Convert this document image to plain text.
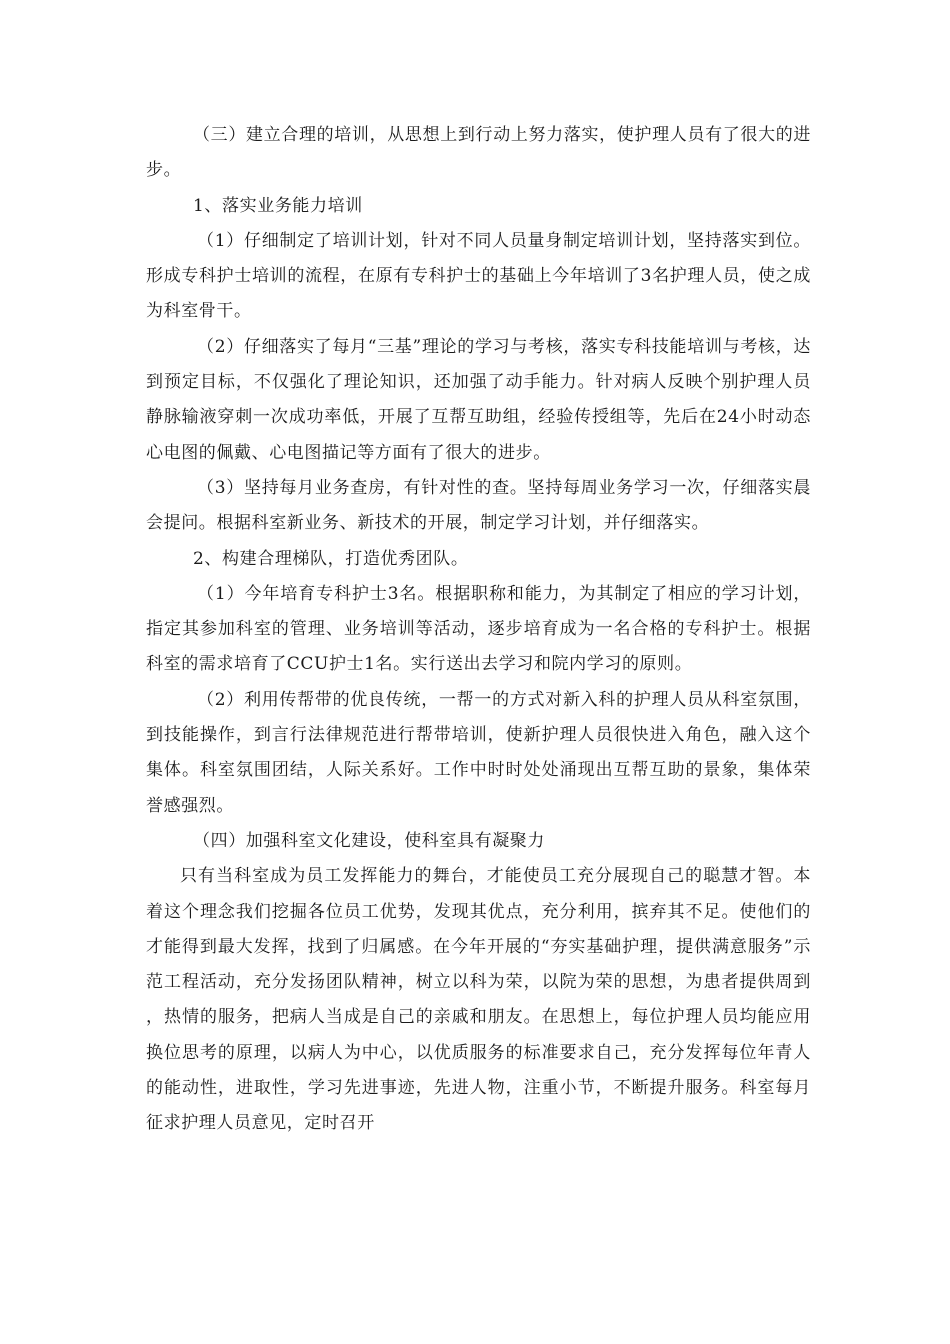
（三）建立合理的培训，从思想上到行动上努力落实，使护理人员有了很大的进步。

1、落实业务能力培训

（1）仔细制定了培训计划，针对不同人员量身制定培训计划，坚持落实到位。形成专科护士培训的流程，在原有专科护士的基础上今年培训了3名护理人员，使之成为科室骨干。

（2）仔细落实了每月“三基”理论的学习与考核，落实专科技能培训与考核，达到预定目标，不仅强化了理论知识，还加强了动手能力。针对病人反映个别护理人员静脉输液穿刺一次成功率低，开展了互帮互助组，经验传授组等，先后在24小时动态心电图的佩戴、心电图描记等方面有了很大的进步。

（3）坚持每月业务查房，有针对性的查。坚持每周业务学习一次，仔细落实晨会提问。根据科室新业务、新技术的开展，制定学习计划，并仔细落实。

2、构建合理梯队，打造优秀团队。

（1）今年培育专科护士3名。根据职称和能力，为其制定了相应的学习计划，指定其参加科室的管理、业务培训等活动，逐步培育成为一名合格的专科护士。根据科室的需求培育了CCU护士1名。实行送出去学习和院内学习的原则。

（2）利用传帮带的优良传统，一帮一的方式对新入科的护理人员从科室氛围，到技能操作，到言行法律规范进行帮带培训，使新护理人员很快进入角色，融入这个集体。科室氛围团结，人际关系好。工作中时时处处涌现出互帮互助的景象，集体荣誉感强烈。

（四）加强科室文化建设，使科室具有凝聚力

只有当科室成为员工发挥能力的舞台，才能使员工充分展现自己的聪慧才智。本着这个理念我们挖掘各位员工优势，发现其优点，充分利用，摈弃其不足。使他们的才能得到最大发挥，找到了归属感。在今年开展的“夯实基础护理，提供满意服务”示范工程活动，充分发扬团队精神，树立以科为荣，以院为荣的思想，为患者提供周到，热情的服务，把病人当成是自己的亲戚和朋友。在思想上，每位护理人员均能应用换位思考的原理，以病人为中心，以优质服务的标准要求自己，充分发挥每位年青人的能动性，进取性，学习先进事迹，先进人物，注重小节，不断提升服务。科室每月征求护理人员意见，定时召开
